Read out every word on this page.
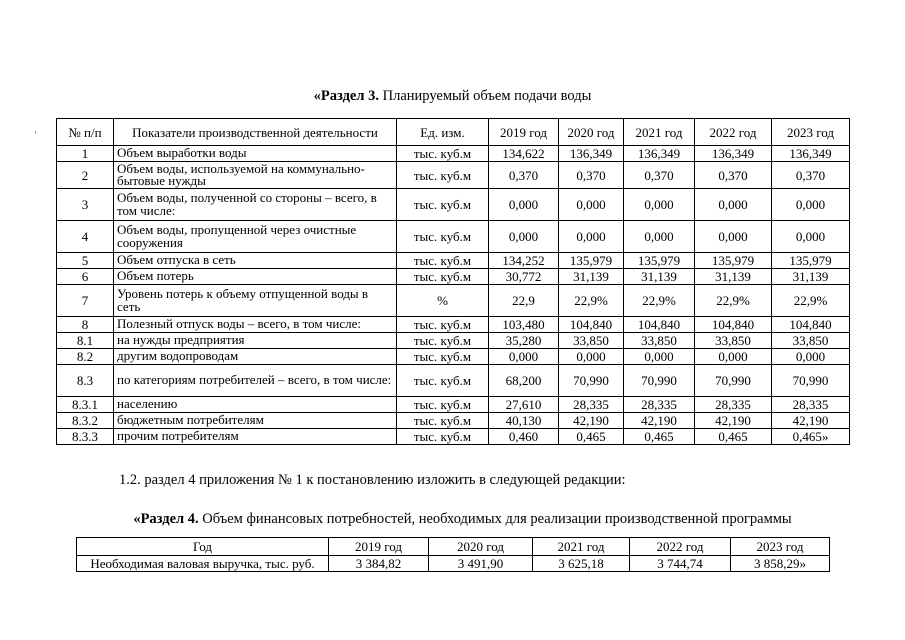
«Раздел 3. Планируемый объем подачи воды
ʽ № п/п	Показатели производственной деятельности	Ед. изм.	2019 год	2020 год	2021 год	2022 год	2023 год
1	Объем выработки воды	тыс. куб.м	134,622	136,349	136,349	136,349	136,349
2	Объем воды, используемой на коммунально-бытовые нужды	тыс. куб.м	0,370	0,370	0,370	0,370	0,370
3	Объем воды, полученной со стороны – всего, в том числе:	тыс. куб.м	0,000	0,000	0,000	0,000	0,000
4	Объем воды, пропущенной через очистные сооружения	тыс. куб.м	0,000	0,000	0,000	0,000	0,000
5	Объем отпуска в сеть	тыс. куб.м	134,252	135,979	135,979	135,979	135,979
6	Объем потерь	тыс. куб.м	30,772	31,139	31,139	31,139	31,139
7	Уровень потерь к объему отпущенной воды в сеть	%	22,9	22,9%	22,9%	22,9%	22,9%
8	Полезный отпуск воды – всего, в том числе:	тыс. куб.м	103,480	104,840	104,840	104,840	104,840
8.1	на нужды предприятия	тыс. куб.м	35,280	33,850	33,850	33,850	33,850
8.2	другим водопроводам	тыс. куб.м	0,000	0,000	0,000	0,000	0,000
8.3	по категориям потребителей – всего, в том числе:	тыс. куб.м	68,200	70,990	70,990	70,990	70,990
8.3.1	населению	тыс. куб.м	27,610	28,335	28,335	28,335	28,335
8.3.2	бюджетным потребителям	тыс. куб.м	40,130	42,190	42,190	42,190	42,190
8.3.3	прочим потребителям	тыс. куб.м	0,460	0,465	0,465	0,465	0,465»
1.2. раздел 4 приложения № 1 к постановлению изложить в следующей редакции:
«Раздел 4. Объем финансовых потребностей, необходимых для реализации производственной программы
Год	2019 год	2020 год	2021 год	2022 год	2023 год
Необходимая валовая выручка, тыс. руб.	3 384,82	3 491,90	3 625,18	3 744,74	3 858,29»
